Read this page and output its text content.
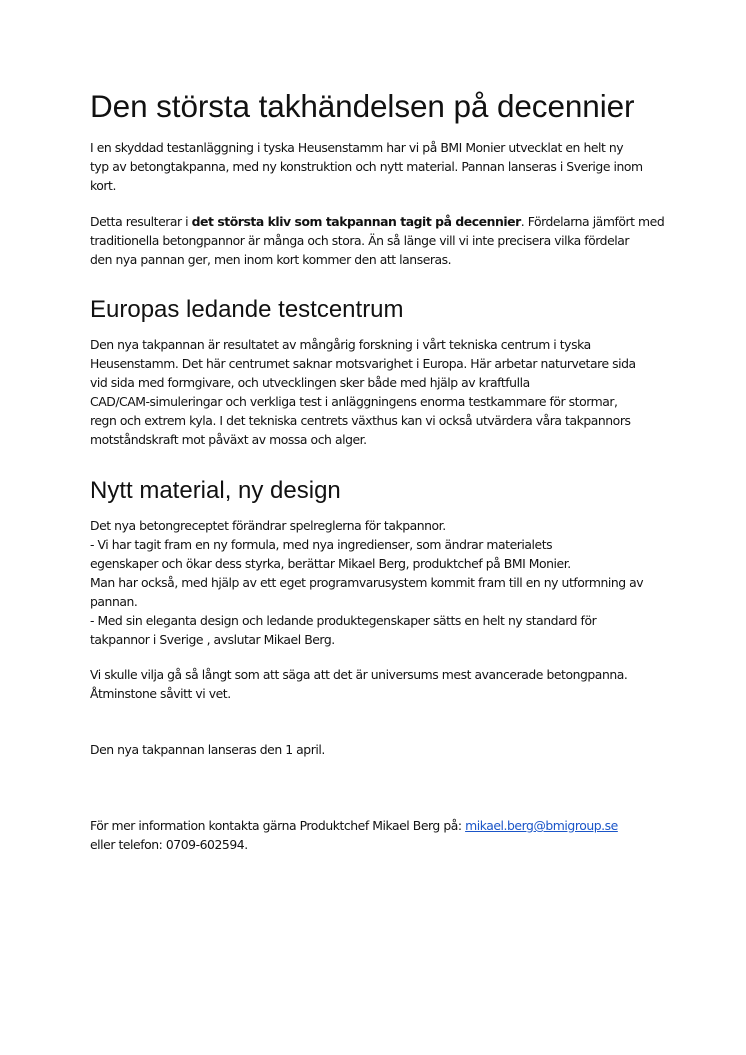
Den största takhändelsen på decennier
I en skyddad testanläggning i tyska Heusenstamm har vi på BMI Monier utvecklat en helt ny
typ av betongtakpanna, med ny konstruktion och nytt material. Pannan lanseras i Sverige inom
kort.
Detta resulterar i det största kliv som takpannan tagit på decennier. Fördelarna jämfört med
traditionella betongpannor är många och stora. Än så länge vill vi inte precisera vilka fördelar
den nya pannan ger, men inom kort kommer den att lanseras.
Europas ledande testcentrum
Den nya takpannan är resultatet av mångårig forskning i vårt tekniska centrum i tyska
Heusenstamm. Det här centrumet saknar motsvarighet i Europa. Här arbetar naturvetare sida
vid sida med formgivare, och utvecklingen sker både med hjälp av kraftfulla
CAD/CAM-simuleringar och verkliga test i anläggningens enorma testkammare för stormar,
regn och extrem kyla. I det tekniska centrets växthus kan vi också utvärdera våra takpannors
motståndskraft mot påväxt av mossa och alger.
Nytt material, ny design
Det nya betongreceptet förändrar spelreglerna för takpannor.
- Vi har tagit fram en ny formula, med nya ingredienser, som ändrar materialets
egenskaper och ökar dess styrka, berättar Mikael Berg, produktchef på BMI Monier.
Man har också, med hjälp av ett eget programvarusystem kommit fram till en ny utformning av
pannan.
- Med sin eleganta design och ledande produktegenskaper sätts en helt ny standard för
takpannor i Sverige , avslutar Mikael Berg.
Vi skulle vilja gå så långt som att säga att det är universums mest avancerade betongpanna.
Åtminstone såvitt vi vet.
Den nya takpannan lanseras den 1 april.
För mer information kontakta gärna Produktchef Mikael Berg på: mikael.berg@bmigroup.se
eller telefon: 0709-602594.
